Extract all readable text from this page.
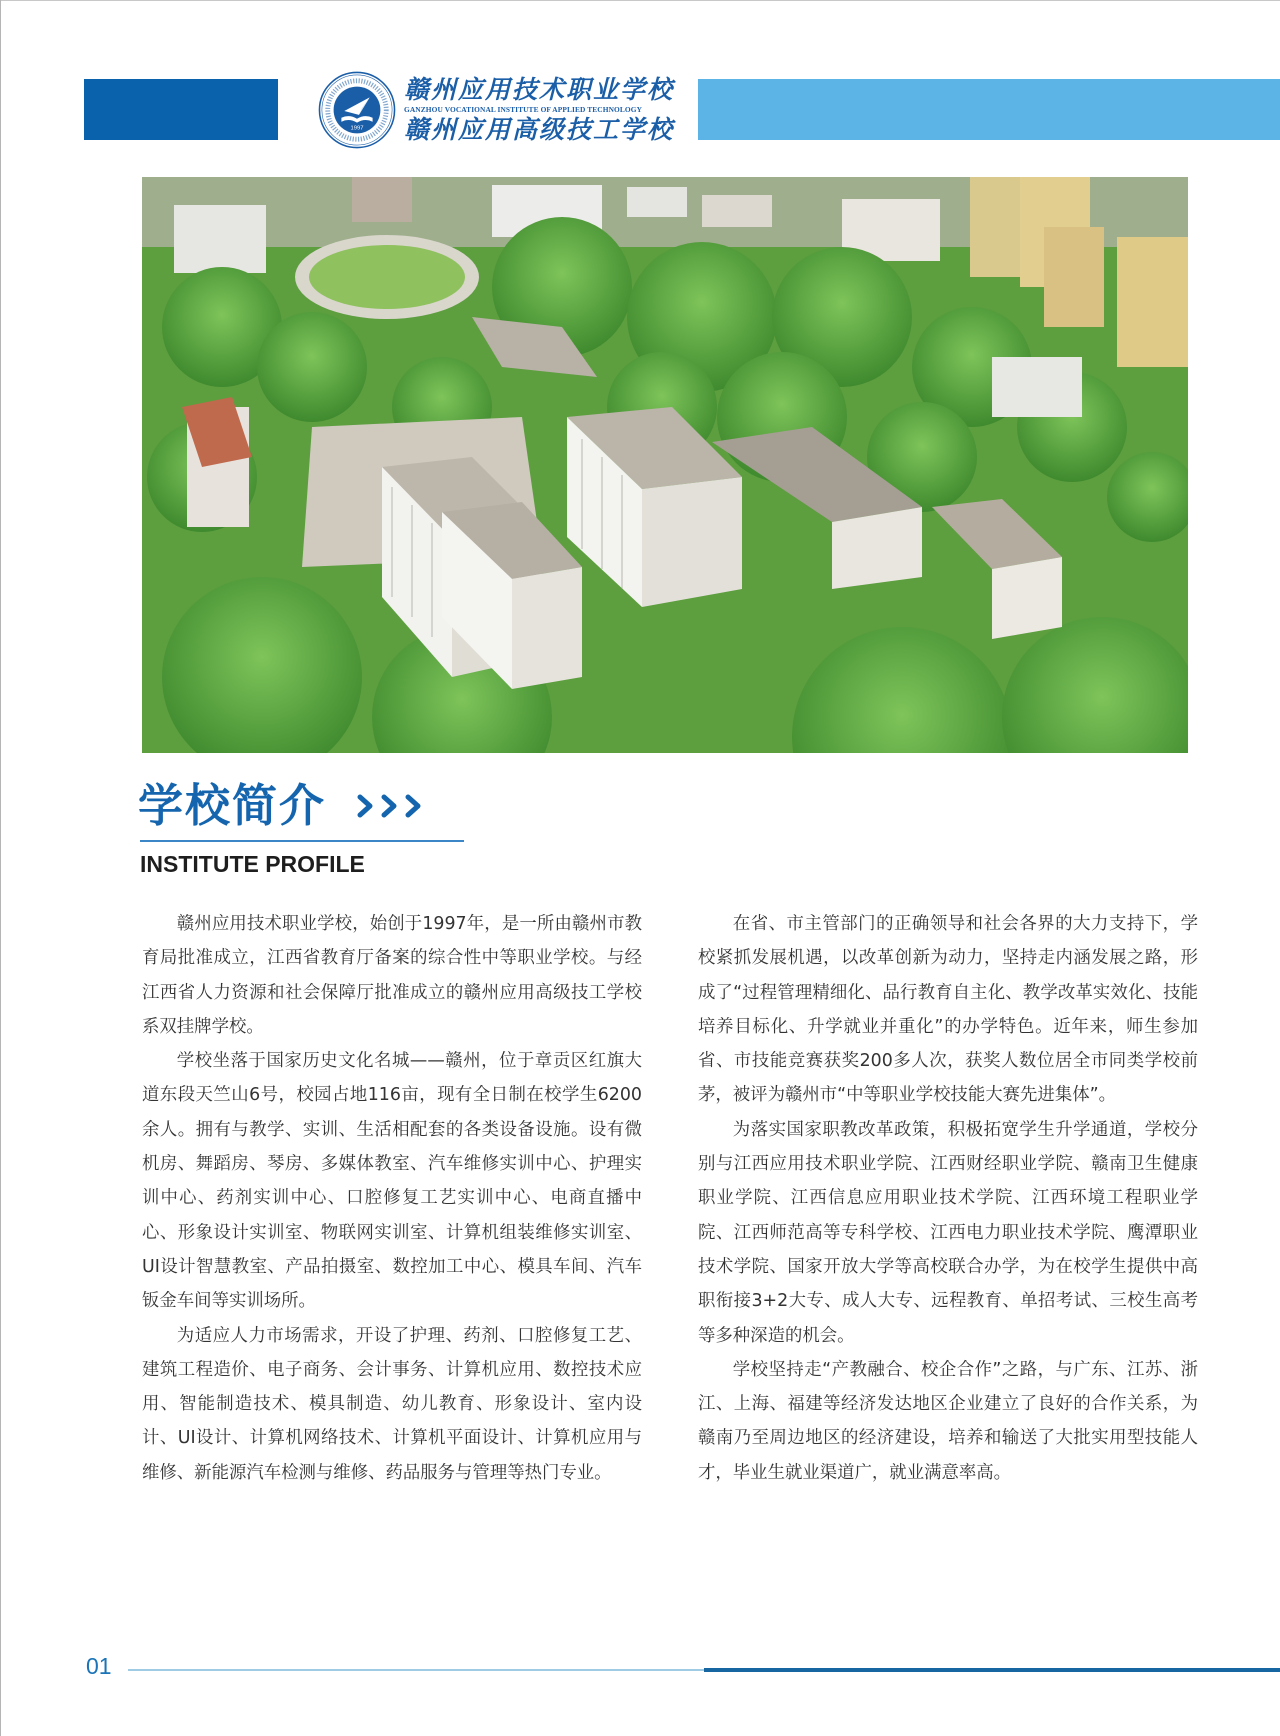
1997
赣州应用技术职业学校
GANZHOU VOCATIONAL INSTITUTE OF APPLIED TECHNOLOGY
赣州应用高级技工学校
学校简介
INSTITUTE PROFILE

赣州应用技术职业学校，始创于1997年，是一所由赣州市教育局批准成立，江西省教育厅备案的综合性中等职业学校。与经江西省人力资源和社会保障厅批准成立的赣州应用高级技工学校系双挂牌学校。

学校坐落于国家历史文化名城——赣州，位于章贡区红旗大道东段天竺山6号，校园占地116亩，现有全日制在校学生6200余人。拥有与教学、实训、生活相配套的各类设备设施。设有微机房、舞蹈房、琴房、多媒体教室、汽车维修实训中心、护理实训中心、药剂实训中心、口腔修复工艺实训中心、电商直播中心、形象设计实训室、物联网实训室、计算机组装维修实训室、UI设计智慧教室、产品拍摄室、数控加工中心、模具车间、汽车钣金车间等实训场所。

为适应人力市场需求，开设了护理、药剂、口腔修复工艺、建筑工程造价、电子商务、会计事务、计算机应用、数控技术应用、智能制造技术、模具制造、幼儿教育、形象设计、室内设计、UI设计、计算机网络技术、计算机平面设计、计算机应用与维修、新能源汽车检测与维修、药品服务与管理等热门专业。

在省、市主管部门的正确领导和社会各界的大力支持下，学校紧抓发展机遇，以改革创新为动力，坚持走内涵发展之路，形成了“过程管理精细化、品行教育自主化、教学改革实效化、技能培养目标化、升学就业并重化”的办学特色。近年来，师生参加省、市技能竞赛获奖200多人次，获奖人数位居全市同类学校前茅，被评为赣州市“中等职业学校技能大赛先进集体”。

为落实国家职教改革政策，积极拓宽学生升学通道，学校分别与江西应用技术职业学院、江西财经职业学院、赣南卫生健康职业学院、江西信息应用职业技术学院、江西环境工程职业学院、江西师范高等专科学校、江西电力职业技术学院、鹰潭职业技术学院、国家开放大学等高校联合办学，为在校学生提供中高职衔接3+2大专、成人大专、远程教育、单招考试、三校生高考等多种深造的机会。

学校坚持走“产教融合、校企合作”之路，与广东、江苏、浙江、上海、福建等经济发达地区企业建立了良好的合作关系，为赣南乃至周边地区的经济建设，培养和输送了大批实用型技能人才，毕业生就业渠道广，就业满意率高。

01
